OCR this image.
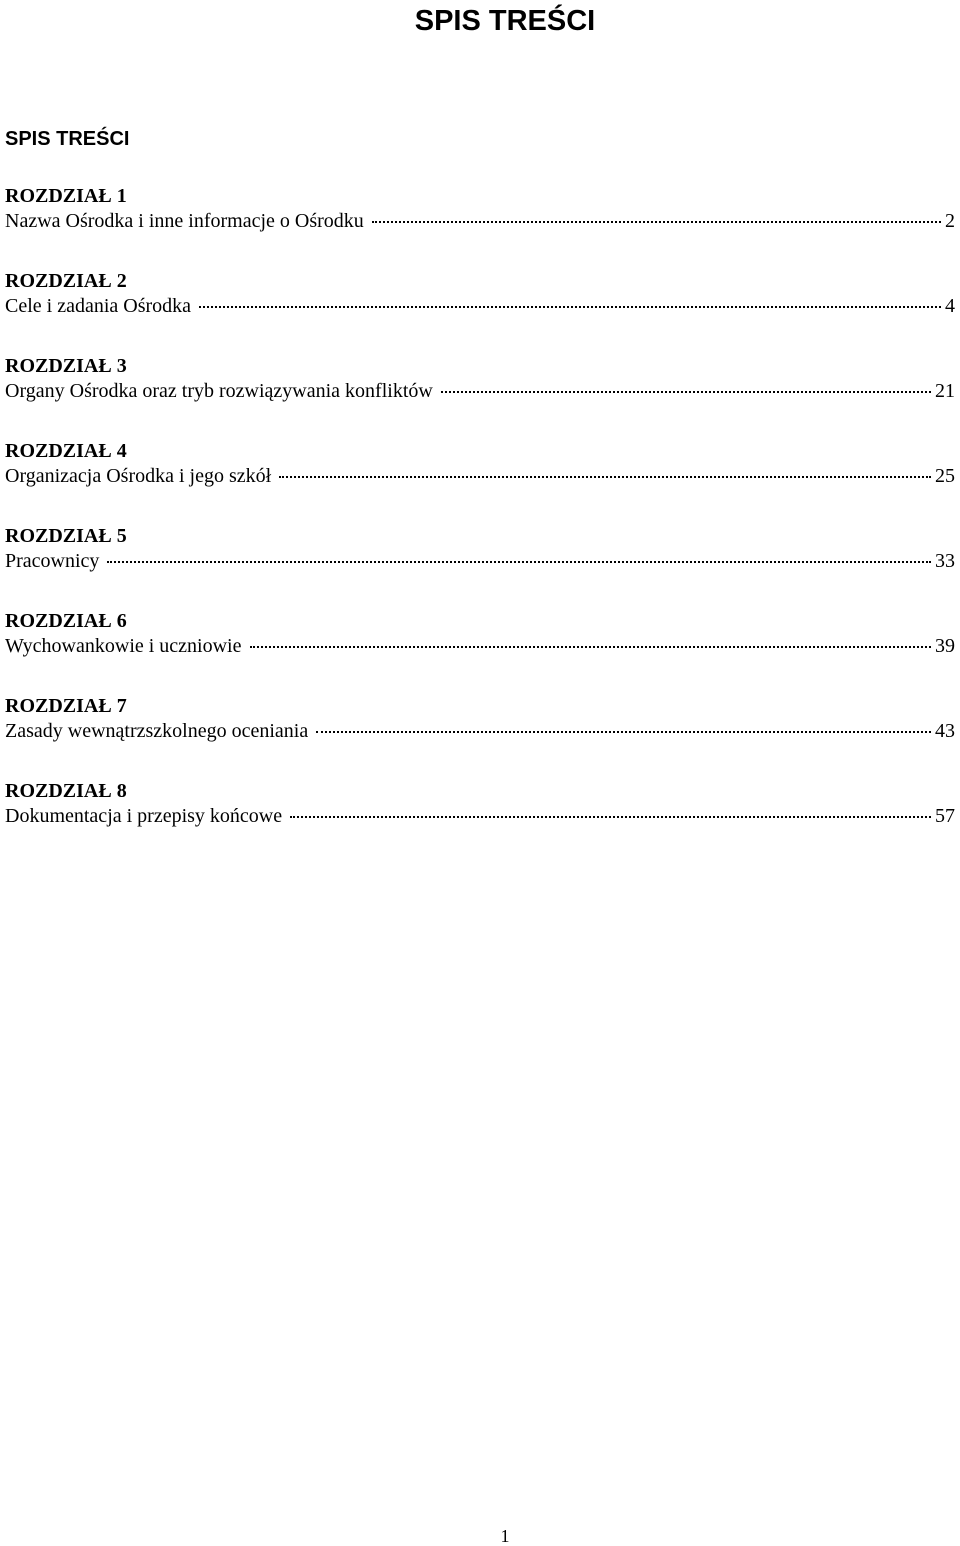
SPIS TREŚCI
SPIS TREŚCI
ROZDZIAŁ 1
Nazwa Ośrodka i inne informacje o Ośrodku	2
ROZDZIAŁ 2
Cele i zadania Ośrodka	4
ROZDZIAŁ 3
Organy Ośrodka oraz tryb rozwiązywania konfliktów	21
ROZDZIAŁ 4
Organizacja Ośrodka i jego szkół	25
ROZDZIAŁ 5
Pracownicy	33
ROZDZIAŁ 6
Wychowankowie i uczniowie	39
ROZDZIAŁ 7
Zasady wewnątrzszkolnego oceniania	43
ROZDZIAŁ 8
Dokumentacja i przepisy końcowe	57
1
